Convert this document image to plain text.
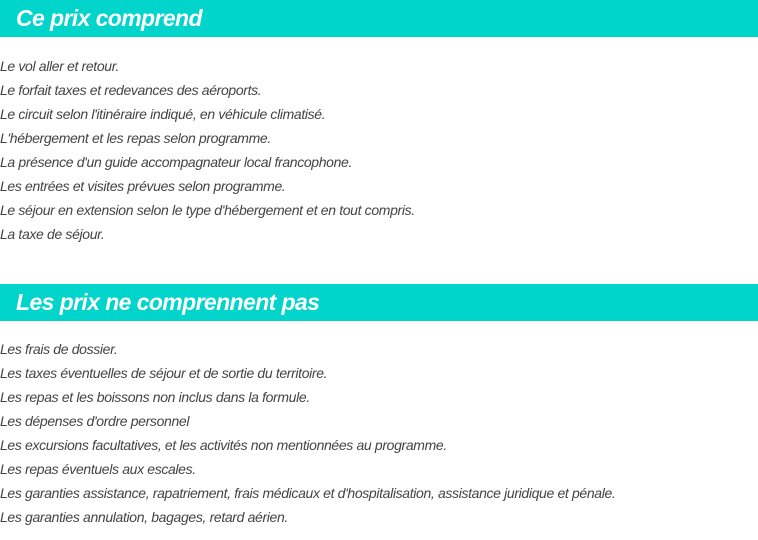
Ce prix comprend
Le vol aller et retour.
Le forfait taxes et redevances des aéroports.
Le circuit selon l'itinéraire indiqué, en véhicule climatisé.
L'hébergement et les repas selon programme.
La présence d'un guide accompagnateur local francophone.
Les entrées et visites prévues selon programme.
Le séjour en extension selon le type d'hébergement et en tout compris.
La taxe de séjour.
Les prix ne comprennent pas
Les frais de dossier.
Les taxes éventuelles de séjour et de sortie du territoire.
Les repas et les boissons non inclus dans la formule.
Les dépenses d'ordre personnel
Les excursions facultatives, et les activités non mentionnées au programme.
Les repas éventuels aux escales.
Les garanties assistance, rapatriement, frais médicaux et d'hospitalisation, assistance juridique et pénale.
Les garanties annulation, bagages, retard aérien.
